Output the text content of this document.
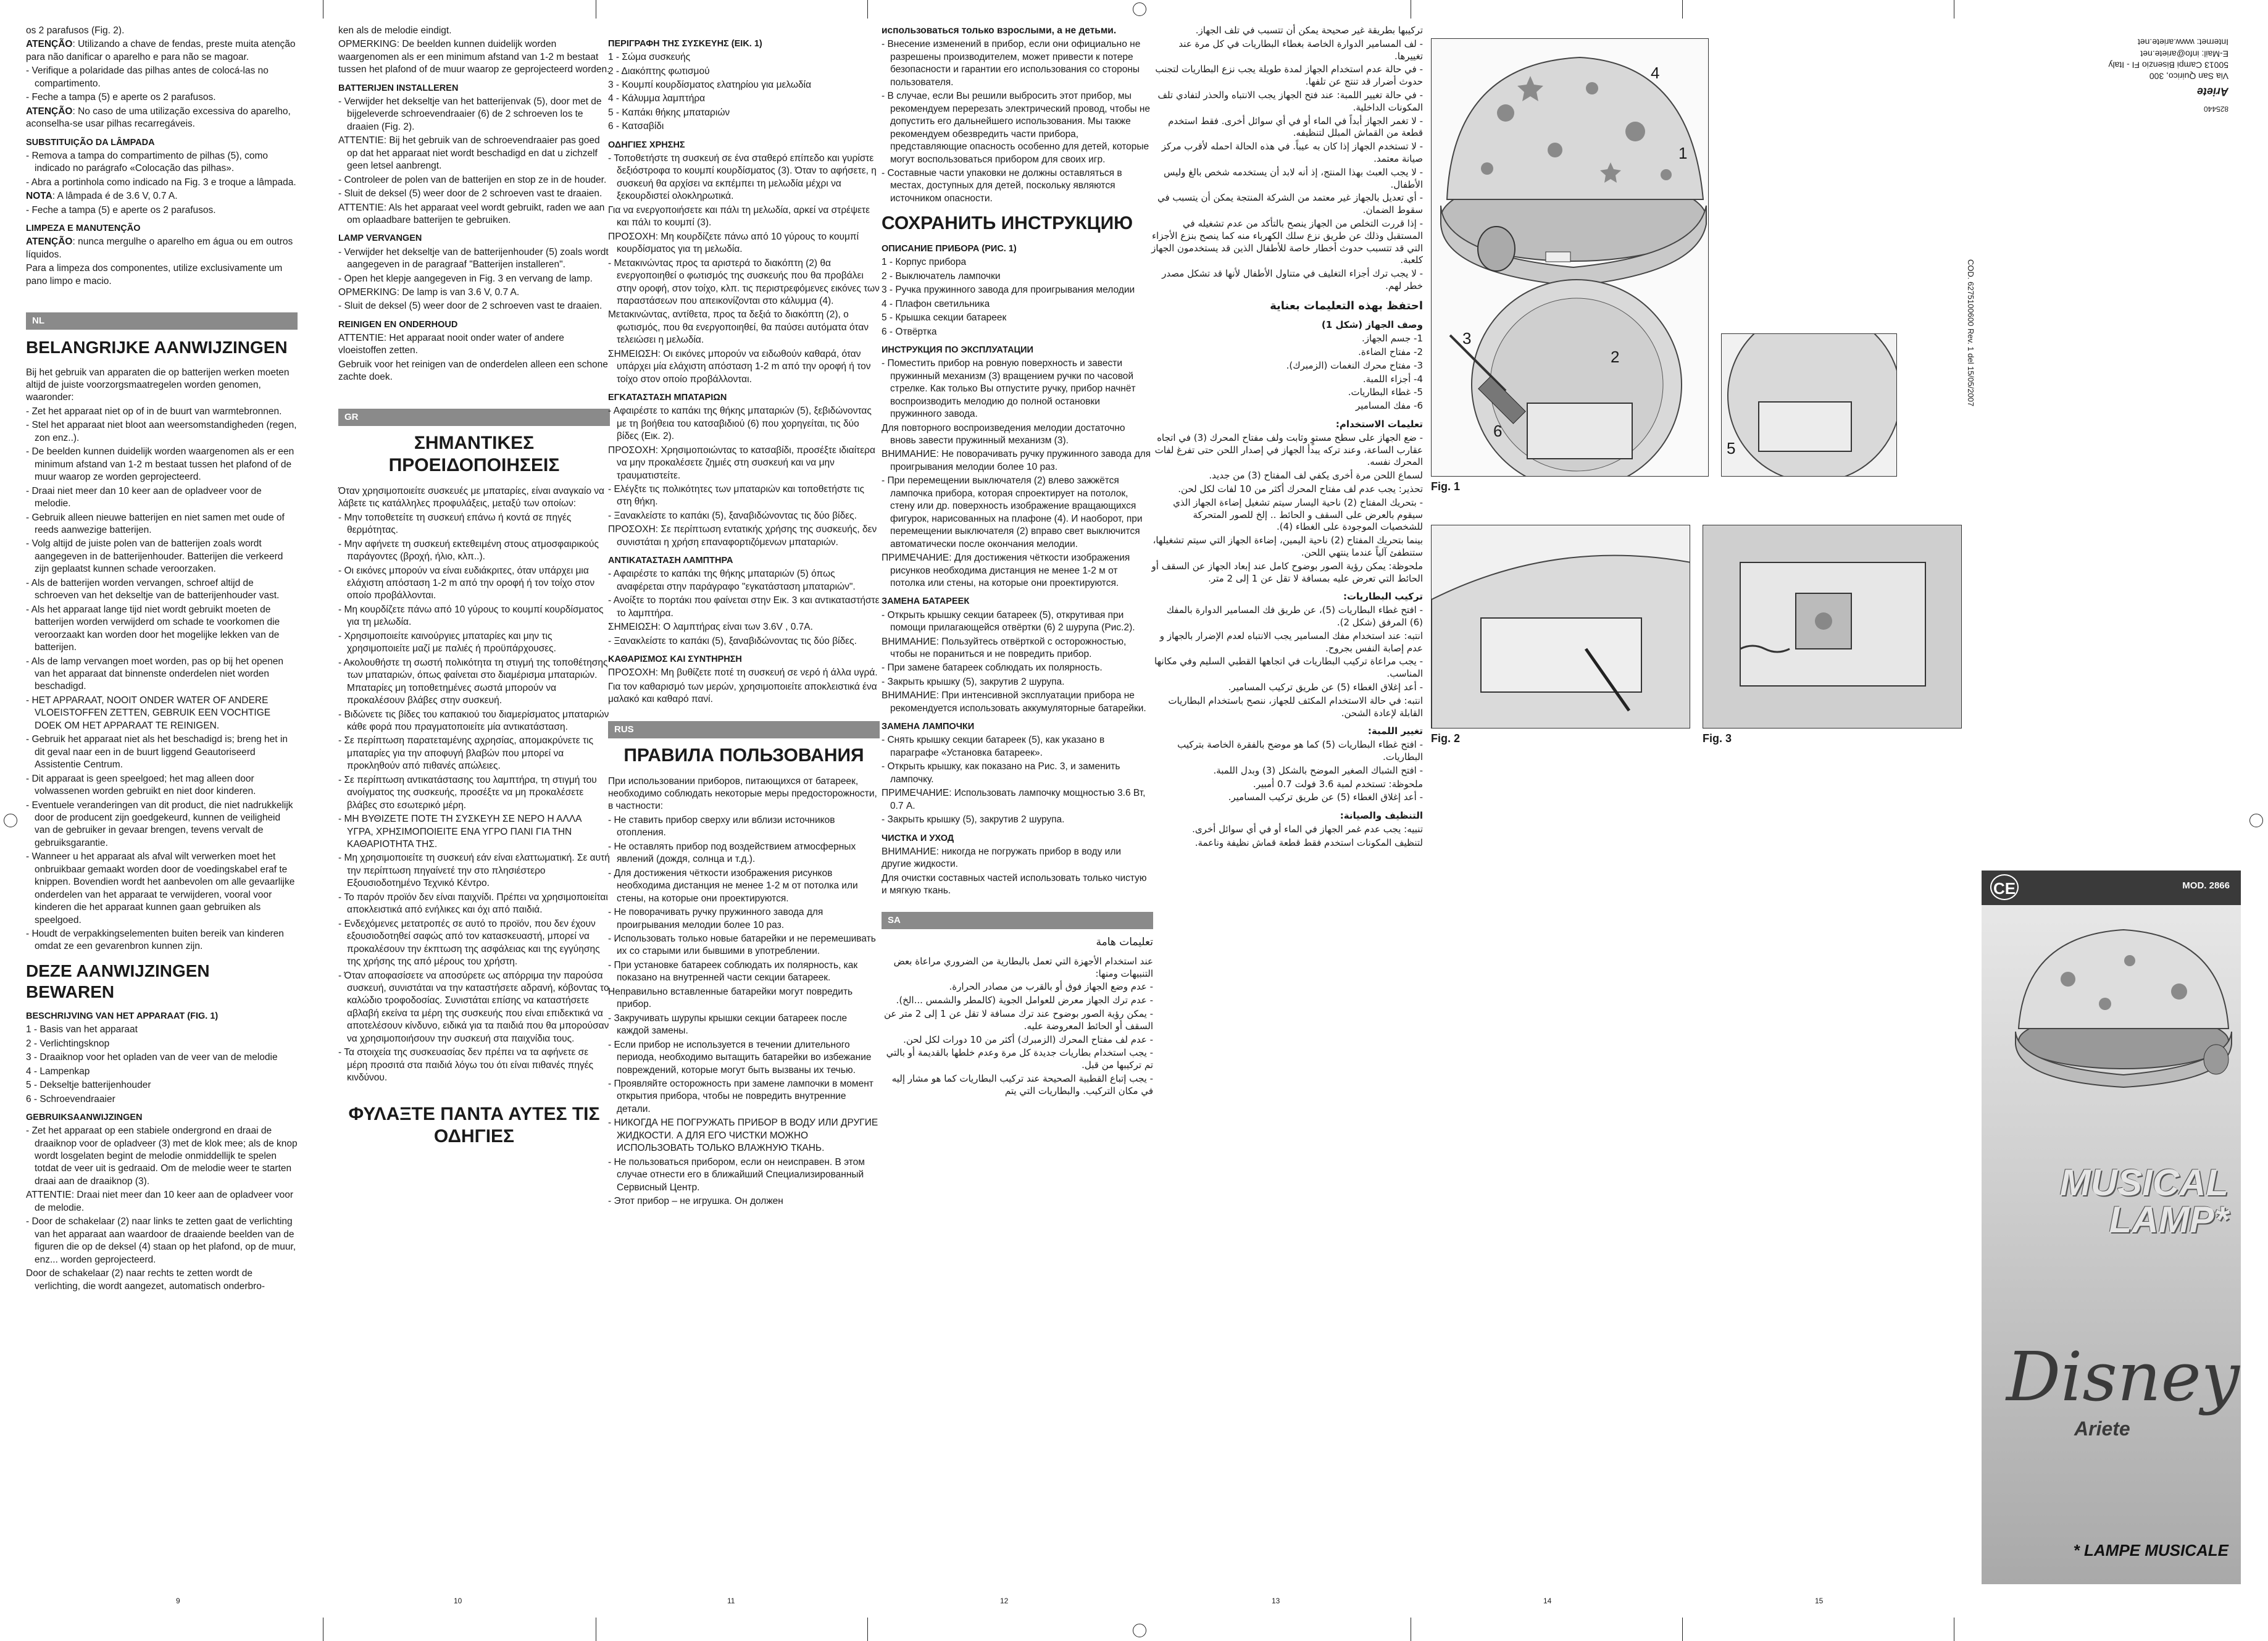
os 2 parafusos (Fig. 2).

ATENÇÃO: Utilizando a chave de fendas, preste muita atenção para não danificar o aparelho e para não se magoar.

- Verifique a polaridade das pilhas antes de colocá-las no compartimento.

- Feche a tampa (5) e aperte os 2 parafusos.

ATENÇÃO: No caso de uma utilização excessiva do aparelho, aconselha-se usar pilhas recarregáveis.

SUBSTITUIÇÃO DA LÂMPADA

- Remova a tampa do compartimento de pilhas (5), como indicado no parágrafo «Colocação das pilhas».

- Abra a portinhola como indicado na Fig. 3 e troque a lâmpada.

NOTA: A lâmpada é de 3.6 V, 0.7 A.

- Feche a tampa (5) e aperte os 2 parafusos.

LIMPEZA E MANUTENÇÃO

ATENÇÃO: nunca mergulhe o aparelho em água ou em outros líquidos.

Para a limpeza dos componentes, utilize exclusivamente um pano limpo e macio.

NL
BELANGRIJKE AANWIJZINGEN

Bij het gebruik van apparaten die op batterijen werken moeten altijd de juiste voorzorgsmaatregelen worden genomen, waaronder:

- Zet het apparaat niet op of in de buurt van warmtebronnen.

- Stel het apparaat niet bloot aan weersomstandigheden (regen, zon enz..).

- De beelden kunnen duidelijk worden waargenomen als er een minimum afstand van 1-2 m bestaat tussen het plafond of de muur waarop ze worden geprojecteerd.

- Draai niet meer dan 10 keer aan de opladveer voor de melodie.

- Gebruik alleen nieuwe batterijen en niet samen met oude of reeds aanwezige batterijen.

- Volg altijd de juiste polen van de batterijen zoals wordt aangegeven in de batterijenhouder. Batterijen die verkeerd zijn geplaatst kunnen schade veroorzaken.

- Als de batterijen worden vervangen, schroef altijd de schroeven van het dekseltje van de batterijenhouder vast.

- Als het apparaat lange tijd niet wordt gebruikt moeten de batterijen worden verwijderd om schade te voorkomen die veroorzaakt kan worden door het mogelijke lekken van de batterijen.

- Als de lamp vervangen moet worden, pas op bij het openen van het apparaat dat binnenste onderdelen niet worden beschadigd.

- HET APPARAAT, NOOIT ONDER WATER OF ANDERE VLOEISTOFFEN ZETTEN, GEBRUIK EEN VOCHTIGE DOEK OM HET APPARAAT TE REINIGEN.

- Gebruik het apparaat niet als het beschadigd is; breng het in dit geval naar een in de buurt liggend Geautoriseerd Assistentie Centrum.

- Dit apparaat is geen speelgoed; het mag alleen door volwassenen worden gebruikt en niet door kinderen.

- Eventuele veranderingen van dit product, die niet nadrukkelijk door de producent zijn goedgekeurd, kunnen de veiligheid van de gebruiker in gevaar brengen, tevens vervalt de gebruiksgarantie.

- Wanneer u het apparaat als afval wilt verwerken moet het onbruikbaar gemaakt worden door de voedingskabel eraf te knippen. Bovendien wordt het aanbevolen om alle gevaarlijke onderdelen van het apparaat te verwijderen, vooral voor kinderen die het apparaat kunnen gaan gebruiken als speelgoed.

- Houdt de verpakkingselementen buiten bereik van kinderen omdat ze een gevarenbron kunnen zijn.

DEZE AANWIJZINGEN BEWAREN

BESCHRIJVING VAN HET APPARAAT (FIG. 1)

1 - Basis van het apparaat

2 - Verlichtingsknop

3 - Draaiknop voor het opladen van de veer van de melodie

4 - Lampenkap

5 - Dekseltje batterijenhouder

6 - Schroevendraaier

GEBRUIKSAANWIJZINGEN

- Zet het apparaat op een stabiele ondergrond en draai de draaiknop voor de opladveer (3) met de klok mee; als de knop wordt losgelaten begint de melodie onmiddellijk te spelen totdat de veer uit is gedraaid. Om de melodie weer te starten draai aan de draaiknop (3).

ATTENTIE: Draai niet meer dan 10 keer aan de opladveer voor de melodie.

- Door de schakelaar (2) naar links te zetten gaat de verlichting van het apparaat aan waardoor de draaiende beelden van de figuren die op de deksel (4) staan op het plafond, op de muur, enz... worden geprojecteerd.

Door de schakelaar (2) naar rechts te zetten wordt de verlichting, die wordt aangezet, automatisch onderbro-

ken als de melodie eindigt.

OPMERKING: De beelden kunnen duidelijk worden waargenomen als er een minimum afstand van 1-2 m bestaat tussen het plafond of de muur waarop ze geprojecteerd worden.

BATTERIJEN INSTALLEREN

- Verwijder het dekseltje van het batterijenvak (5), door met de bijgeleverde schroevendraaier (6) de 2 schroeven los te draaien (Fig. 2).

ATTENTIE: Bij het gebruik van de schroevendraaier pas goed op dat het apparaat niet wordt beschadigd en dat u zichzelf geen letsel aanbrengt.

- Controleer de polen van de batterijen en stop ze in de houder.

- Sluit de deksel (5) weer door de 2 schroeven vast te draaien.

ATTENTIE: Als het apparaat veel wordt gebruikt, raden we aan om oplaadbare batterijen te gebruiken.

LAMP VERVANGEN

- Verwijder het dekseltje van de batterijenhouder (5) zoals wordt aangegeven in de paragraaf "Batterijen installeren".

- Open het klepje aangegeven in Fig. 3 en vervang de lamp.

OPMERKING: De lamp is van 3.6 V, 0.7 A.

- Sluit de deksel (5) weer door de 2 schroeven vast te draaien.

REINIGEN EN ONDERHOUD

ATTENTIE: Het apparaat nooit onder water of andere vloeistoffen zetten.

Gebruik voor het reinigen van de onderdelen alleen een schone zachte doek.

GR
ΣΗΜΑΝΤΙΚΕΣ ΠΡΟΕΙΔΟΠΟΙΗΣΕΙΣ

Όταν χρησιμοποιείτε συσκευές με μπαταρίες, είναι αναγκαίο να λάβετε τις κατάλληλες προφυλάξεις, μεταξύ των οποίων:

- Μην τοποθετείτε τη συσκευή επάνω ή κοντά σε πηγές θερμότητας.

- Μην αφήνετε τη συσκευή εκτεθειμένη στους ατμοσφαιρικούς παράγοντες (βροχή, ήλιο, κλπ..).

- Οι εικόνες μπορούν να είναι ευδιάκριτες, όταν υπάρχει μια ελάχιστη απόσταση 1-2 m από την οροφή ή τον τοίχο στον οποίο προβάλλονται.

- Μη κουρδίζετε πάνω από 10 γύρους το κουμπί κουρδίσματος για τη μελωδία.

- Χρησιμοποιείτε καινούργιες μπαταρίες και μην τις χρησιμοποιείτε μαζί με παλιές ή προϋπάρχουσες.

- Ακολουθήστε τη σωστή πολικότητα τη στιγμή της τοποθέτησης των μπαταριών, όπως φαίνεται στο διαμέρισμα μπαταριών. Μπαταρίες μη τοποθετημένες σωστά μπορούν να προκαλέσουν βλάβες στην συσκευή.

- Βιδώνετε τις βίδες του καπακιού του διαμερίσματος μπαταριών κάθε φορά που πραγματοποιείτε μία αντικατάσταση.

- Σε περίπτωση παρατεταμένης αχρησίας, απομακρύνετε τις μπαταρίες για την αποφυγή βλαβών που μπορεί να προκληθούν από πιθανές απώλειες.

- Σε περίπτωση αντικατάστασης του λαμπτήρα, τη στιγμή του ανοίγματος της συσκευής, προσέξτε να μη προκαλέσετε βλάβες στο εσωτερικό μέρη.

- ΜΗ ΒΥΘΙΖΕΤΕ ΠΟΤΕ ΤΗ ΣΥΣΚΕΥΗ ΣΕ ΝΕΡΟ Η ΑΛΛΑ ΥΓΡΑ, ΧΡΗΣΙΜΟΠΟΙΕΙΤΕ ΕΝΑ ΥΓΡΟ ΠΑΝΙ ΓΙΑ ΤΗΝ ΚΑΘΑΡΙΟΤΗΤΑ ΤΗΣ.

- Μη χρησιμοποιείτε τη συσκευή εάν είναι ελαττωματική. Σε αυτή την περίπτωση πηγαίνετέ την στο πλησιέστερο Εξουσιοδοτημένο Τεχνικό Κέντρο.

- Το παρόν προϊόν δεν είναι παιχνίδι. Πρέπει να χρησιμοποιείται αποκλειστικά από ενήλικες και όχι από παιδιά.

- Ενδεχόμενες μετατροπές σε αυτό το προϊόν, που δεν έχουν εξουσιοδοτηθεί σαφώς από τον κατασκευαστή, μπορεί να προκαλέσουν την έκπτωση της ασφάλειας και της εγγύησης της χρήσης της από μέρους του χρήστη.

- Όταν αποφασίσετε να αποσύρετε ως απόρριμα την παρούσα συσκευή, συνιστάται να την καταστήσετε αδρανή, κόβοντας το καλώδιο τροφοδοσίας. Συνιστάται επίσης να καταστήσετε αβλαβή εκείνα τα μέρη της συσκευής που είναι επιδεκτικά να αποτελέσουν κίνδυνο, ειδικά για τα παιδιά που θα μπορούσαν να χρησιμοποιήσουν την συσκευή στα παιχνίδια τους.

- Τα στοιχεία της συσκευασίας δεν πρέπει να τα αφήνετε σε μέρη προσιτά στα παιδιά λόγω του ότι είναι πιθανές πηγές κινδύνου.

ΦΥΛΑΞΤΕ ΠΑΝΤΑ ΑΥΤΕΣ ΤΙΣ ΟΔΗΓΙΕΣ

ΠΕΡΙΓΡΑΦΗ ΤΗΣ ΣΥΣΚΕΥΗΣ (ΕΙΚ. 1)

1 - Σώμα συσκευής

2 - Διακόπτης φωτισμού

3 - Κουμπί κουρδίσματος ελατηρίου για μελωδία

4 - Κάλυμμα λαμπτήρα

5 - Καπάκι θήκης μπαταριών

6 - Κατσαβίδι

ΟΔΗΓΙΕΣ ΧΡΗΣΗΣ

- Τοποθετήστε τη συσκευή σε ένα σταθερό επίπεδο και γυρίστε δεξιόστροφα το κουμπί κουρδίσματος (3). Όταν το αφήσετε, η συσκευή θα αρχίσει να εκπέμπει τη μελωδία μέχρι να ξεκουρδιστεί ολοκληρωτικά.

Για να ενεργοποιήσετε και πάλι τη μελωδία, αρκεί να στρέψετε και πάλι το κουμπί (3).

ΠΡΟΣΟΧΗ: Μη κουρδίζετε πάνω από 10 γύρους το κουμπί κουρδίσματος για τη μελωδία.

- Μετακινώντας προς τα αριστερά το διακόπτη (2) θα ενεργοποιηθεί ο φωτισμός της συσκευής που θα προβάλει στην οροφή, στον τοίχο, κλπ. τις περιστρεφόμενες εικόνες των παραστάσεων που απεικονίζονται στο κάλυμμα (4).

Μετακινώντας, αντίθετα, προς τα δεξιά το διακόπτη (2), ο φωτισμός, που θα ενεργοποιηθεί, θα παύσει αυτόματα όταν τελειώσει η μελωδία.

ΣΗΜΕΙΩΣΗ: Οι εικόνες μπορούν να ειδωθούν καθαρά, όταν υπάρχει μία ελάχιστη απόσταση 1-2 m από την οροφή ή τον τοίχο στον οποίο προβάλλονται.

ΕΓΚΑΤΑΣΤΑΣΗ ΜΠΑΤΑΡΙΩΝ

- Αφαιρέστε το καπάκι της θήκης μπαταριών (5), ξεβιδώνοντας με τη βοήθεια του κατσαβιδιού (6) που χορηγείται, τις δύο βίδες (Εικ. 2).

ΠΡΟΣΟΧΗ: Χρησιμοποιώντας το κατσαβίδι, προσέξτε ιδιαίτερα να μην προκαλέσετε ζημιές στη συσκευή και να μην τραυματιστείτε.

- Ελέγξτε τις πολικότητες των μπαταριών και τοποθετήστε τις στη θήκη.

- Ξανακλείστε το καπάκι (5), ξαναβιδώνοντας τις δύο βίδες.

ΠΡΟΣΟΧΗ: Σε περίπτωση εντατικής χρήσης της συσκευής, δεν συνιστάται η χρήση επαναφορτιζόμενων μπαταριών.

ΑΝΤΙΚΑΤΑΣΤΑΣΗ ΛΑΜΠΤΗΡΑ

- Αφαιρέστε το καπάκι της θήκης μπαταριών (5) όπως αναφέρεται στην παράγραφο "εγκατάσταση μπαταριών".

- Ανοίξτε το πορτάκι που φαίνεται στην Εικ. 3 και αντικαταστήστε το λαμπτήρα.

ΣΗΜΕΙΩΣΗ: Ο λαμπτήρας είναι των 3.6V , 0.7A.

- Ξανακλείστε το καπάκι (5), ξαναβιδώνοντας τις δύο βίδες.

ΚΑΘΑΡΙΣΜΟΣ ΚΑΙ ΣΥΝΤΗΡΗΣΗ

ΠΡΟΣΟΧΗ: Μη βυθίζετε ποτέ τη συσκευή σε νερό ή άλλα υγρά.

Για τον καθαρισμό των μερών, χρησιμοποιείτε αποκλειστικά ένα μαλακό και καθαρό πανί.

RUS
ПРАВИЛА ПОЛЬЗОВАНИЯ

При использовании приборов, питающихся от батареек, необходимо соблюдать некоторые меры предосторожности, в частности:

- Не ставить прибор сверху или вблизи источников отопления.

- Не оставлять прибор под воздействием атмосферных явлений (дождя, солнца и т.д.).

- Для достижения чёткости изображения рисунков необходима дистанция не менее 1-2 м от потолка или стены, на которые они проектируются.

- Не поворачивать ручку пружинного завода для проигрывания мелодии более 10 раз.

- Использовать только новые батарейки и не перемешивать их со старыми или бывшими в употреблении.

- При установке батареек соблюдать их полярность, как показано на внутренней части секции батареек.

Неправильно вставленные батарейки могут повредить прибор.

- Закручивать шурупы крышки секции батареек после каждой замены.

- Если прибор не используется в течении длительного периода, необходимо вытащить батарейки во избежание повреждений, которые могут быть вызваны их течью.

- Проявляйте осторожность при замене лампочки в момент открытия прибора, чтобы не повредить внутренние детали.

- НИКОГДА НЕ ПОГРУЖАТЬ ПРИБОР В ВОДУ ИЛИ ДРУГИЕ ЖИДКОСТИ. А ДЛЯ ЕГО ЧИСТКИ МОЖНО ИСПОЛЬЗОВАТЬ ТОЛЬКО ВЛАЖНУЮ ТКАНЬ.

- Не пользоваться прибором, если он неисправен. В этом случае отнести его в ближайший Специализированный Сервисный Центр.

- Этот прибор – не игрушка. Он должен

использоваться только взрослыми, а не детьми.

- Внесение изменений в прибор, если они официально не разрешены производителем, может привести к потере безопасности и гарантии его использования со стороны пользователя.

- В случае, если Вы решили выбросить этот прибор, мы рекомендуем перерезать электрический провод, чтобы не допустить его дальнейшего использования. Мы также рекомендуем обезвредить части прибора, представляющие опасность особенно для детей, которые могут воспользоваться прибором для своих игр.

- Составные части упаковки не должны оставляться в местах, доступных для детей, поскольку являются источником опасности.

СОХРАНИТЬ ИНСТРУКЦИЮ

ОПИСАНИЕ ПРИБОРА (РИС. 1)

1 - Корпус прибора

2 - Выключатель лампочки

3 - Ручка пружинного завода для проигрывания мелодии

4 - Плафон светильника

5 - Крышка секции батареек

6 - Отвёртка

ИНСТРУКЦИЯ ПО ЭКСПЛУАТАЦИИ

- Поместить прибор на ровную поверхность и завести пружинный механизм (3) вращением ручки по часовой стрелке. Как только Вы отпустите ручку, прибор начнёт воспроизводить мелодию до полной остановки пружинного завода.

Для повторного воспроизведения мелодии достаточно вновь завести пружинный механизм (3).

ВНИМАНИЕ: Не поворачивать ручку пружинного завода для проигрывания мелодии более 10 раз.

- При перемещении выключателя (2) влево зажжётся лампочка прибора, которая спроектирует на потолок, стену или др. поверхность изображение вращающихся фигурок, нарисованных на плафоне (4). И наоборот, при перемещении выключателя (2) вправо свет выключится автоматически после окончания мелодии.

ПРИМЕЧАНИЕ: Для достижения чёткости изображения рисунков необходима дистанция не менее 1-2 м от потолка или стены, на которые они проектируются.

ЗАМЕНА БАТАРЕЕК

- Открыть крышку секции батареек (5), открутивая при помощи прилагающейся отвёртки (6) 2 шурупа (Рис.2).

ВНИМАНИЕ: Пользуйтесь отвёрткой с осторожностью, чтобы не пораниться и не повредить прибор.

- При замене батареек соблюдать их полярность.

- Закрыть крышку (5), закрутив 2 шурупа.

ВНИМАНИЕ: При интенсивной эксплуатации прибора не рекомендуется использовать аккумуляторные батарейки.

ЗАМЕНА ЛАМПОЧКИ

- Снять крышку секции батареек (5), как указано в параграфе «Установка батареек».

- Открыть крышку, как показано на Рис. 3, и заменить лампочку.

ПРИМЕЧАНИЕ: Использовать лампочку мощностью 3.6 Вт, 0.7 А.

- Закрыть крышку (5), закрутив 2 шурупа.

ЧИСТКА И УХОД

ВНИМАНИЕ: никогда не погружать прибор в воду или другие жидкости.

Для очистки составных частей использовать только чистую и мягкую ткань.

SA

تعليمات هامة

عند استخدام الأجهزة التي تعمل بالبطارية من الضروري مراعاة بعض التنبيهات ومنها:

- عدم وضع الجهاز فوق أو بالقرب من مصادر الحرارة.

- عدم ترك الجهاز معرض للعوامل الجوية (كالمطر والشمس ...الخ).

- يمكن رؤية الصور بوضوح عند ترك مسافة لا تقل عن 1 إلى 2 متر عن السقف أو الحائط المعروضة عليه.

- عدم لف مفتاح المحرك (الزمبرك) أكثر من 10 دورات لكل لحن.

- يجب استخدام بطاريات جديدة كل مرة وعدم خلطها بالقديمة أو بالتي تم تركيبها من قبل.

- يجب إتباع القطبية الصحيحة عند تركيب البطاريات كما هو مشار إليه في مكان التركيب. والبطاريات التي يتم

تركيبها بطريقة غير صحيحة يمكن أن تتسبب في تلف الجهاز.

- لف المسامير الدوارة الخاصة بغطاء البطاريات في كل مرة عند تغييرها.

- في حالة عدم استخدام الجهاز لمدة طويلة يجب نزع البطاريات لتجنب حدوث أضرار قد تنتج عن تلفها.

- في حالة تغيير اللمبة: عند فتح الجهاز يجب الانتباه والحذر لتفادي تلف المكونات الداخلية.

- لا تغمر الجهاز أبداً في الماء أو في أي سوائل أخرى. فقط استخدم قطعة من القماش المبلل لتنظيفه.

- لا تستخدم الجهاز إذا كان به عيباً. في هذه الحالة احمله لأقرب مركز صيانة معتمد.

- لا يجب العبث بهذا المنتج، إذ أنه لابد أن يستخدمه شخص بالغ وليس الأطفال.

- أي تعديل بالجهاز غير معتمد من الشركة المنتجة يمكن أن يتسبب في سقوط الضمان.

- إذا قررت التخلص من الجهاز ينصح بالتأكد من عدم تشغيله في المستقبل وذلك عن طريق نزع سلك الكهرباء منه كما ينصح بنزع الأجزاء التي قد تتسبب حدوث أخطار خاصة للأطفال الذين قد يستخدمون الجهاز كلعبة.

- لا يجب ترك أجزاء التغليف في متناول الأطفال لأنها قد تشكل مصدر خطر لهم.

احتفظ بهذه التعليمات بعناية

وصف الجهاز (شكل 1)

1- جسم الجهاز.

2- مفتاح الضاءة.

3- مفتاح محرك النغمات (الزمبرك).

4- أجزاء اللمبة.

5- غطاء البطاريات.

6- مفك المسامير

تعليمات الاستخدام:

- ضع الجهاز على سطح مستوٍ وثابت ولف مفتاح المحرك (3) في اتجاه عقارب الساعة، وعند تركه يبدأ الجهاز في إصدار اللحن حتى تفرغ لفات المحرك نفسه.

لسماع اللحن مرة أخرى يكفي لف المفتاح (3) من جديد.

تحذير: يجب عدم لف مفتاح المحرك أكثر من 10 لفات لكل لحن.

- بتحريك المفتاح (2) ناحية اليسار سيتم تشغيل إضاءة الجهاز الذي سيقوم بالعرض على السقف و الحائط .. إلخ للصور المتحركة للشخصيات الموجودة على الغطاء (4).

بينما بتحريك المفتاح (2) ناحية اليمين، إضاءة الجهاز التي سيتم تشغيلها، ستنطفئ آلياً عندما ينتهي اللحن.

ملحوظة: يمكن رؤية الصور بوضوح كامل عند إبعاد الجهاز عن السقف أو الحائط التي تعرض عليه بمسافة لا تقل عن 1 إلى 2 متر.

تركيب البطاريات:

- افتح غطاء البطاريات (5)، عن طريق فك المسامير الدوارة بالمفك (6) المرفق (شكل 2).

انتبه: عند استخدام مفك المسامير يجب الانتباه لعدم الإضرار بالجهاز و عدم إصابة النفس بجروح.

- يجب مراعاة تركيب البطاريات في اتجاهها القطبي السليم وفي مكانها المناسب.

- أعد إغلاق الغطاء (5) عن طريق تركيب المسامير.

انتبه: في حالة الاستخدام المكثف للجهاز، ننصح باستخدام البطاريات القابلة لإعادة الشحن.

تغيير اللمبة:

- افتح غطاء البطاريات (5) كما هو موضح بالفقرة الخاصة بتركيب البطاريات.

- افتح الشباك الصغير الموضح بالشكل (3) وبدل اللمبة.

ملحوظة: تستخدم لمبة 3.6 فولت 0.7 أمبير.

- أعد إغلاق الغطاء (5) عن طريق تركيب المسامير.

التنظيف والصيانة:

تنبيه: يجب عدم غمر الجهاز في الماء أو في أي سوائل أخرى.

لتنظيف المكونات استخدم فقط قطعة قماش نظيفة وناعمة.

4
1
2
3
6
5
Fig. 1
Fig. 2	Fig. 3
CE	MOD. 2866
MUSICAL
LAMP*
Disney
Ariete
* LAMPE MUSICALE
825440
Ariete
Via San Quirico, 300
50013 Campi Bisenzio FI - Italy
E-Mail: info@ariete.net
Internet: www.ariete.net
COD. 6275100600 Rev. 1 del 15/05/2007
9	10	11	12	13	14	15
